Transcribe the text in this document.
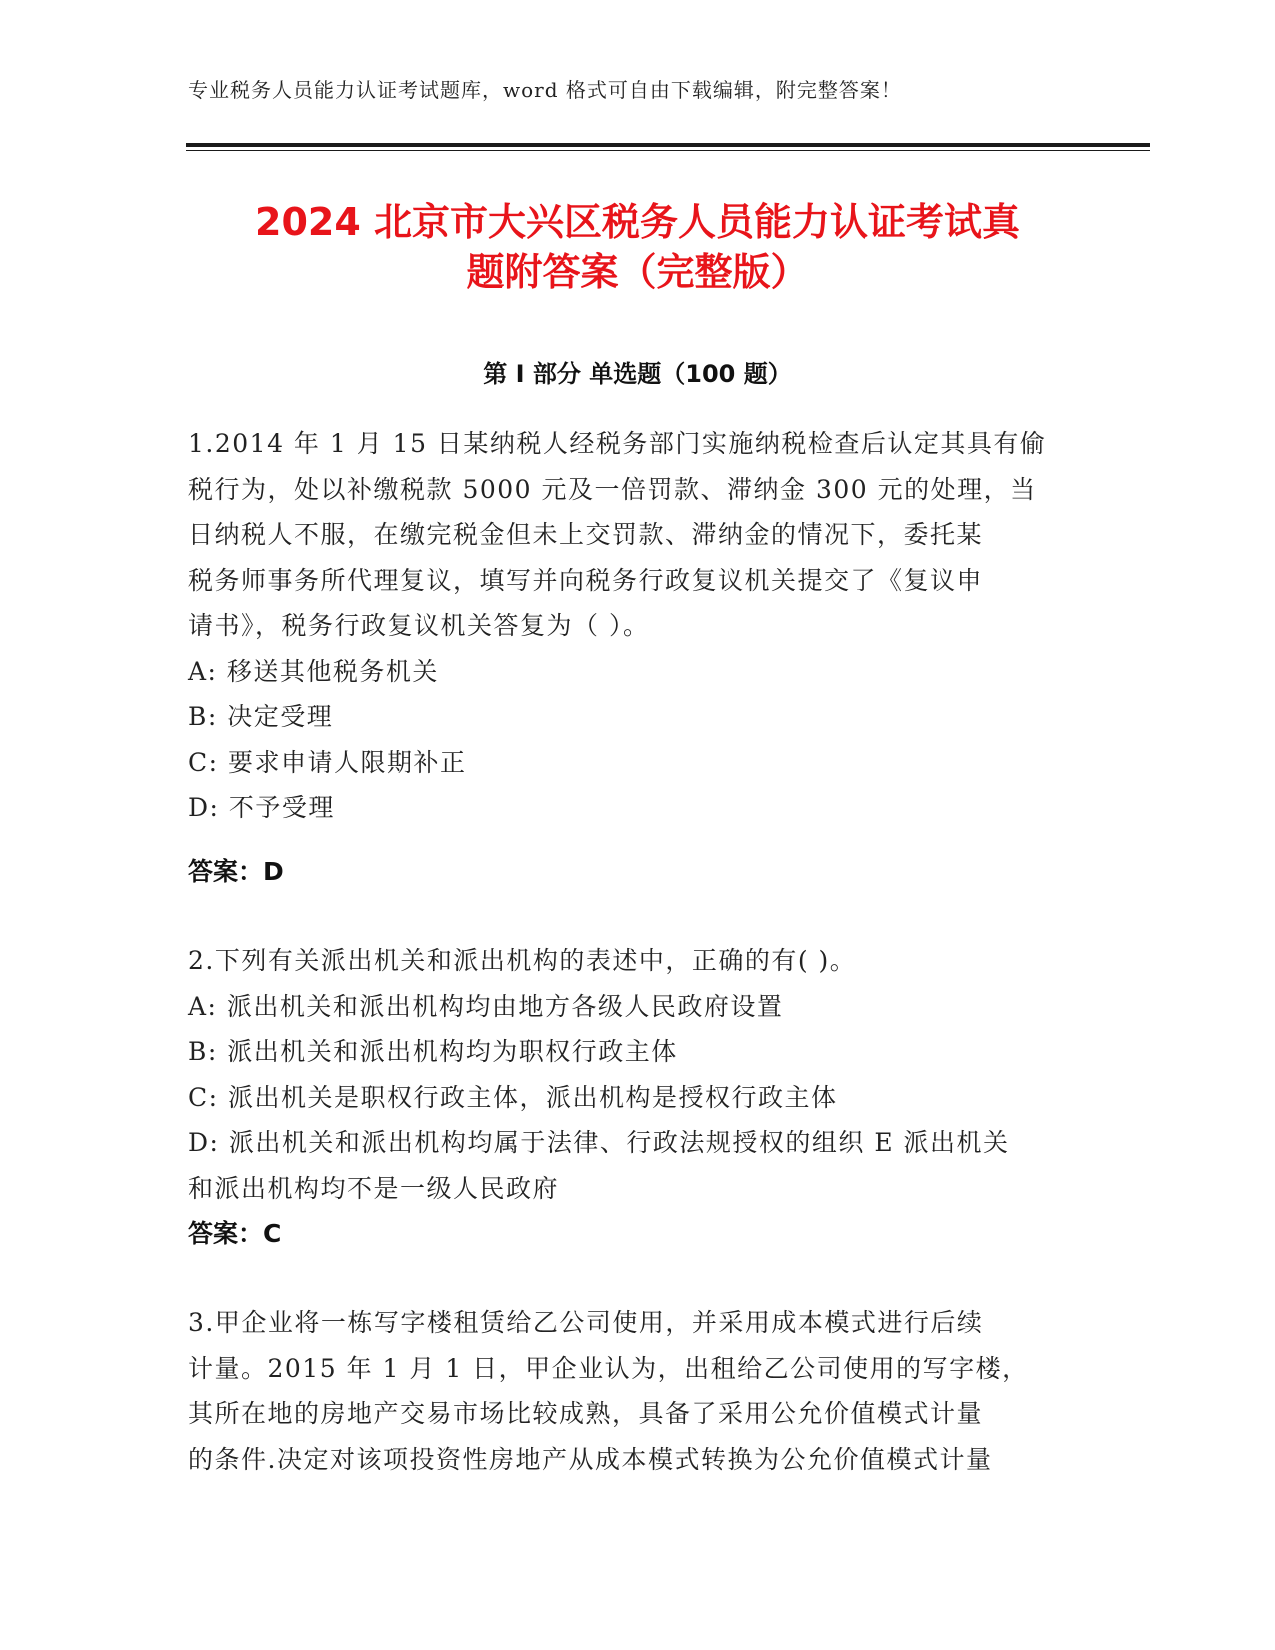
专业税务人员能力认证考试题库，word 格式可自由下载编辑，附完整答案！
2024 北京市大兴区税务人员能力认证考试真
题附答案（完整版）
第 I 部分 单选题（100 题）
1.2014 年 1 月 15 日某纳税人经税务部门实施纳税检查后认定其具有偷
税行为，处以补缴税款 5000 元及一倍罚款、滞纳金 300 元的处理，当
日纳税人不服，在缴完税金但未上交罚款、滞纳金的情况下，委托某
税务师事务所代理复议，填写并向税务行政复议机关提交了《复议申
请书》，税务行政复议机关答复为（ ）。
A: 移送其他税务机关
B: 决定受理
C: 要求申请人限期补正
D: 不予受理
答案：D
2.下列有关派出机关和派出机构的表述中，正确的有( )。
A: 派出机关和派出机构均由地方各级人民政府设置
B: 派出机关和派出机构均为职权行政主体
C: 派出机关是职权行政主体，派出机构是授权行政主体
D: 派出机关和派出机构均属于法律、行政法规授权的组织 E 派出机关
和派出机构均不是一级人民政府
答案：C
3.甲企业将一栋写字楼租赁给乙公司使用，并采用成本模式进行后续
计量。2015 年 1 月 1 日，甲企业认为，出租给乙公司使用的写字楼，
其所在地的房地产交易市场比较成熟，具备了采用公允价值模式计量
的条件.决定对该项投资性房地产从成本模式转换为公允价值模式计量
